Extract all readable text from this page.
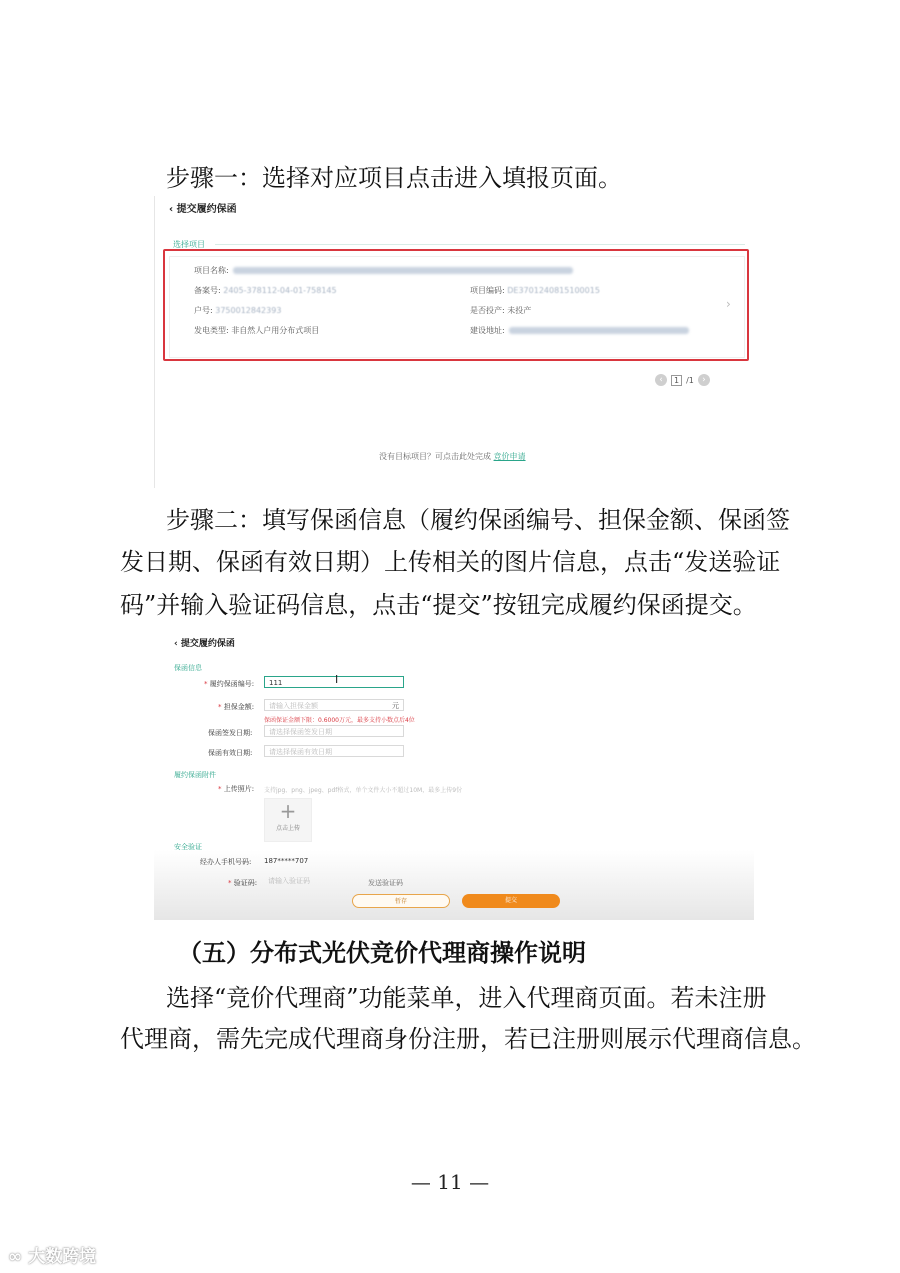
步骤一：选择对应项目点击进入填报页面。

‹ 提交履约保函
选择项目
项目名称:
备案号: 2405-378112-04-01-758145	项目编码: DE3701240815100015
户号: 3750012842393	是否投产: 未投产
发电类型: 非自然人户用分布式项目	建设地址:
›
‹	1 /1 ›
没有目标项目？可点击此处完成 竞价申请

步骤二：填写保函信息（履约保函编号、担保金额、保函签

发日期、保函有效日期）上传相关的图片信息，点击“发送验证

码”并输入验证码信息，点击“提交”按钮完成履约保函提交。

‹ 提交履约保函
保函信息
* 履约保函编号:	111	I
* 担保金额:	请输入担保金额	元
保函保证金额下限：0.6000万元，最多支持小数点后4位
保函签发日期:	请选择保函签发日期
保函有效日期:	请选择保函有效日期
履约保函附件
* 上传照片: 支持jpg、png、jpeg、pdf格式，单个文件大小不超过10M，最多上传9份
+
点击上传
安全验证
经办人手机号码: 187*****707
* 验证码:	请输入验证码	发送验证码
暂存	提交
（五）分布式光伏竞价代理商操作说明

选择“竞价代理商”功能菜单，进入代理商页面。若未注册

代理商，需先完成代理商身份注册，若已注册则展示代理商信息。

— 11 —
∞ 大数跨境
